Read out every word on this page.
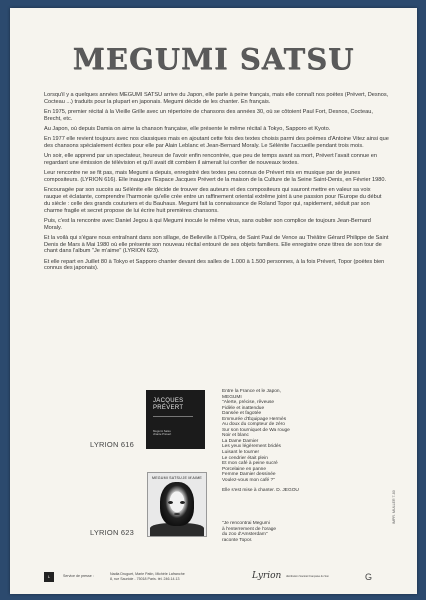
MEGUMI SATSU

Lorsqu'il y a quelques années MEGUMI SATSU arrive du Japon, elle parle à peine français, mais elle connaît nos poètes (Prévert, Desnos, Cocteau ...) traduits pour la plupart en japonais. Megumi décide de les chanter. En français.

En 1975, premier récital à la Vieille Grille avec un répertoire de chansons des années 30, où se côtoient Paul Fort, Desnos, Cocteau, Brecht, etc.

Au Japon, où depuis Damia on aime la chanson française, elle présente le même récital à Tokyo, Sapporo et Kyoto.

En 1977 elle revient toujours avec nos classiques mais en ajoutant cette fois des textes choisis parmi des poèmes d'Antoine Vitez ainsi que des chansons spécialement écrites pour elle par Alain Leblanc et Jean-Bernard Moraly. Le Sélénite l'accueille pendant trois mois.

Un soir, elle apprend par un spectateur, heureux de l'avoir enfin rencontrée, que peu de temps avant sa mort, Prévert l'avait connue en regardant une émission de télévision et qu'il avait dit combien il aimerait lui confier de nouveaux textes.

Leur rencontre ne se fit pas, mais Megumi a depuis, enregistré des textes peu connus de Prévert mis en musique par de jeunes compositeurs. (LYRION 616). Elle inaugure l'Espace Jacques Prévert de la maison de la Culture de la Seine Saint-Denis, en Février 1980.

Encouragée par son succès au Sélénite elle décide de trouver des auteurs et des compositeurs qui sauront mettre en valeur sa voix rauque et éclatante, comprendre l'harmonie qu'elle crée entre un raffinement oriental extrême joint à une passion pour l'Europe du début du siècle : celle des grands couturiers et du Bauhaus. Megumi fait la connaissance de Roland Topor qui, rapidement, séduit par son charme fragile et secret propose de lui écrire huit premières chansons.

Puis, c'est la rencontre avec Daniel Jegou à qui Megumi inocule le même virus, sans oublier son complice de toujours Jean-Bernard Moraly.

Et la voilà qui s'égare nous entraînant dans son sillage, de Belleville à l'Opéra, de Saint Paul de Vence au Théâtre Gérard Philippe de Saint Denis de Mars à Mai 1980 où elle présente son nouveau récital entouré de ses objets familiers. Elle enregistre onze titres de son tour de chant dans l'album "Je m'aime" (LYRION 623).

Et elle repart en Juillet 80 à Tokyo et Sapporo chanter devant des salles de 1.000 à 1.500 personnes, à la fois Prévert, Topor (poètes bien connus des japonais).

LYRION 616
JACQUES
PRÉVERT
Megumi Satsu
chante Prévert

Entre la France et le Japon,

MEGUMI

"Alerte, précise, rêveuse

Fidèle et inattendue

Dansée et fagotée

Emmurée d'Équipage Hermès

Au doux du compteur de zéro

Sur son tourniquet de Wa rouge

Noir et blanc

La Dame Damier

Les yeux légèrement bridés

Luisant le tourner

Le cendrier était plein

Et mon café à peine sucré

Porcelaine en panne

Femme Damier dessinée

Voulez-vous mon café ?"

Elle s'est mise à chanter. D. JEGOU

LYRION 623
MEGUMI SATSU JE M'AIME

"Je rencontrai Megumi

à l'enterrement de l'orage

du zoo d'Amsterdam"

raconte Topor.

L	Service de presse :	Nadia Druguet, Marie Patin, Michèle Lafranche
8, rue Sauriole - 75018 Paris. tél. 246.14.13	Lyrion distribution Société Française du Son	G
IMPR. MULLER 7-80
